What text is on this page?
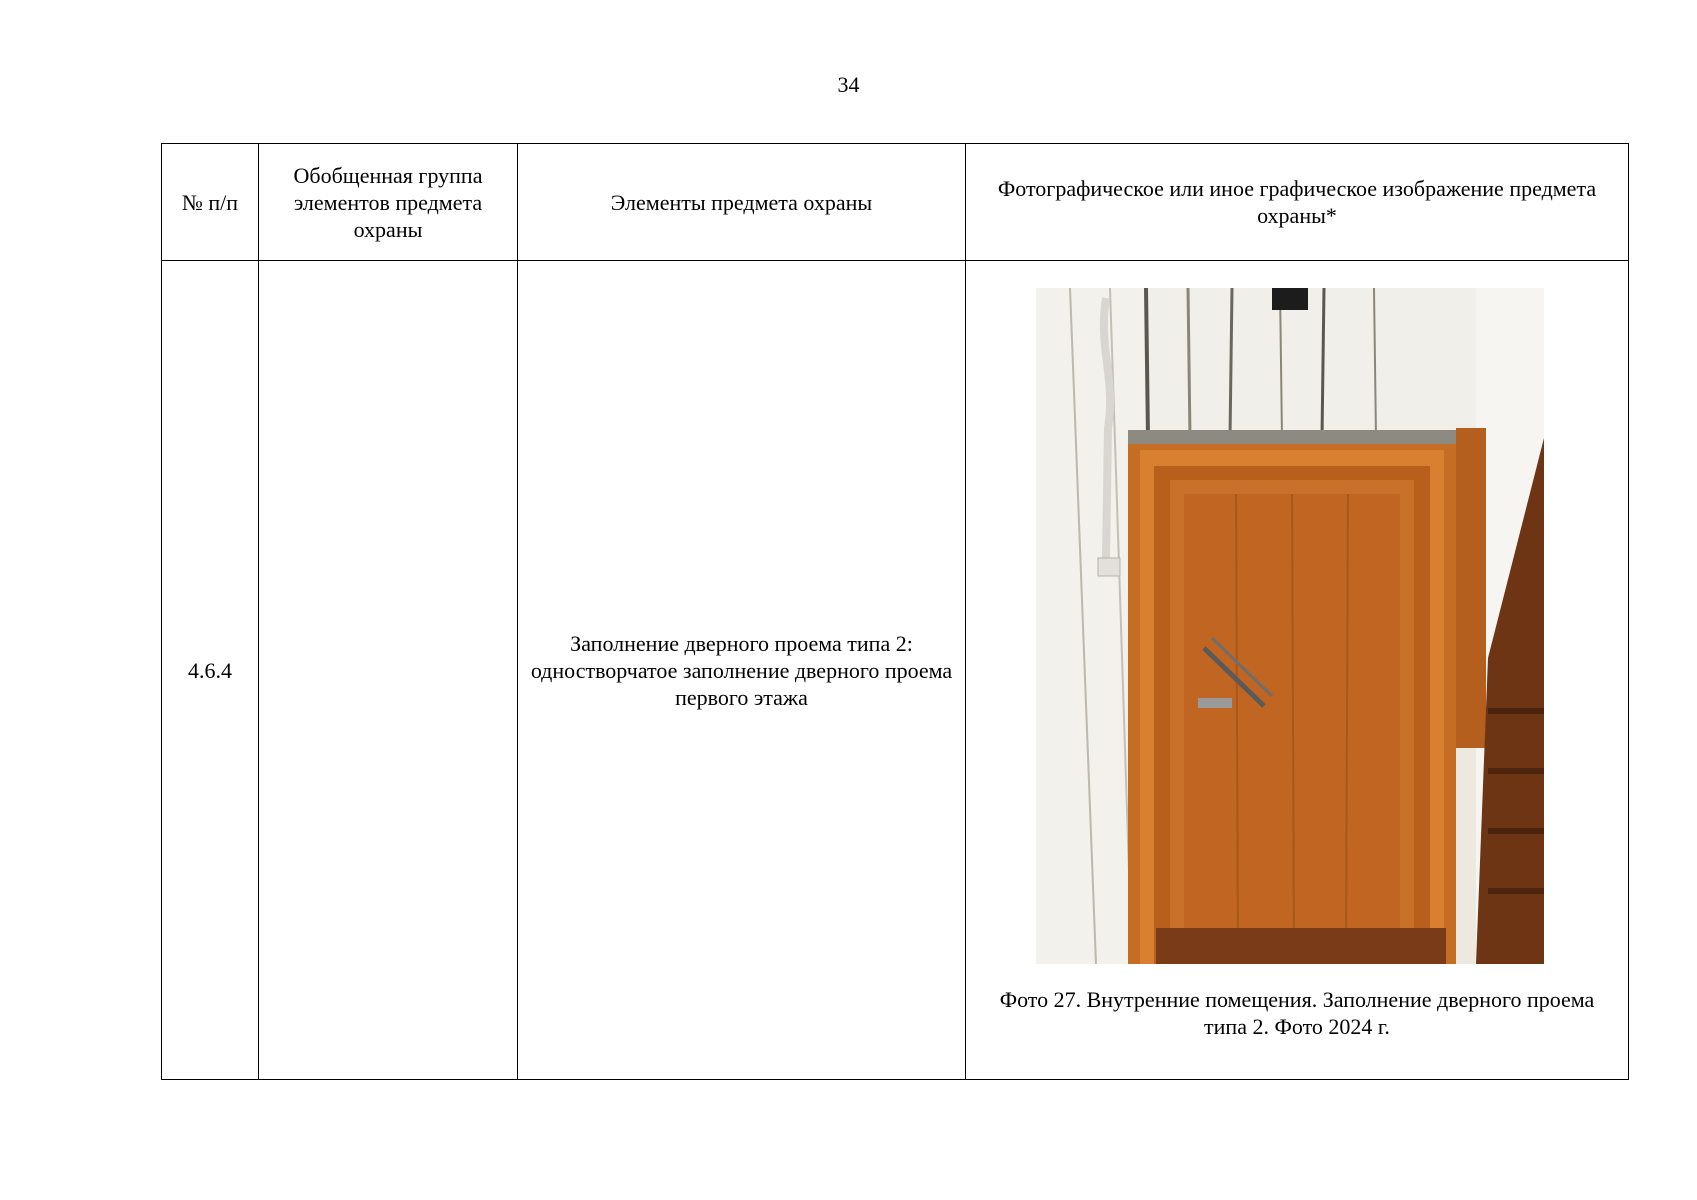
34
№ п/п	Обобщенная группа элементов предмета охраны	Элементы предмета охраны	Фотографическое или иное графическое изображение предмета охраны*
4.6.4		Заполнение дверного проема типа 2: одностворчатое заполнение дверного проема первого этажа	Фото 27. Внутренние помещения. Заполнение дверного проема типа 2. Фото 2024 г.
